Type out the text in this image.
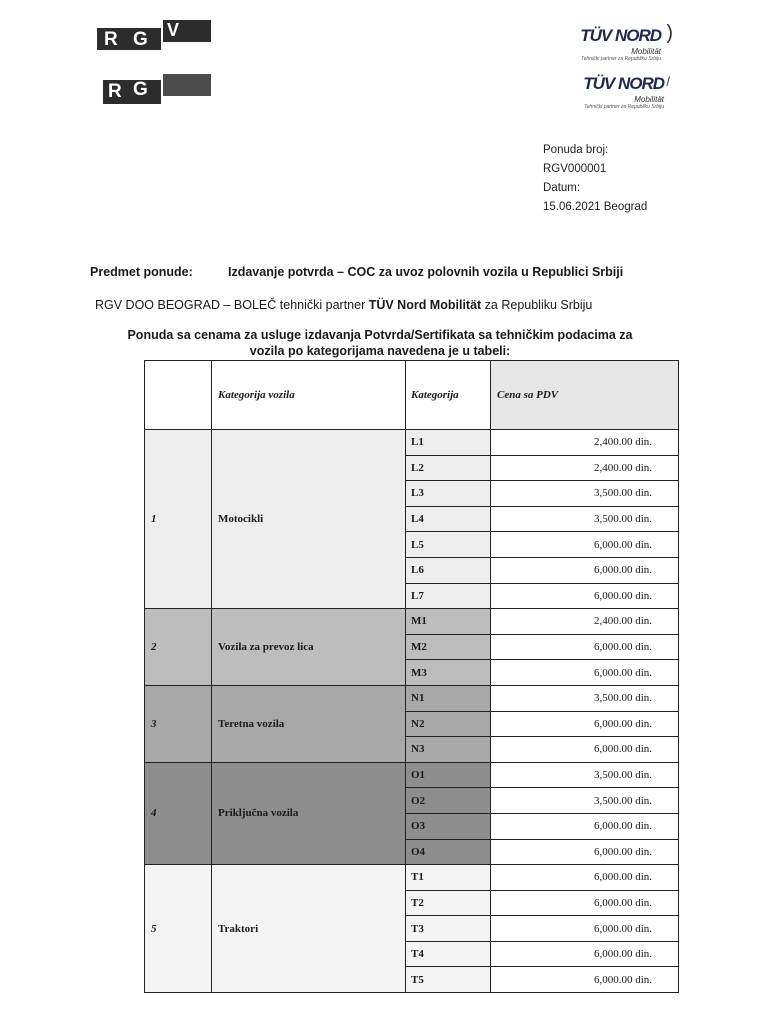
R G V
R G
)
TÜV NORD
Mobilität
Tehnički partner za Republiku Srbiju
/
TÜV NORD
Mobilität
Tehnički partner za Republiku Srbiju
Ponuda broj:
RGV000001
Datum:
15.06.2021 Beograd
Predmet ponude:	Izdavanje potvrda – COC za uvoz polovnih vozila u Republici Srbiji
RGV DOO BEOGRAD – BOLEČ tehnički partner TÜV Nord Mobilität za Republiku Srbiju
Ponuda sa cenama za usluge izdavanja Potvrda/Sertifikata sa tehničkim podacima za
vozila po kategorijama navedena je u tabeli:
	Kategorija vozila	Kategorija	Cena sa PDV
1	Motocikli	L1	2,400.00 din.
		L2	2,400.00 din.
		L3	3,500.00 din.
		L4	3,500.00 din.
		L5	6,000.00 din.
		L6	6,000.00 din.
		L7	6,000.00 din.
2	Vozila za prevoz lica	M1	2,400.00 din.
		M2	6,000.00 din.
		M3	6,000.00 din.
3	Teretna vozila	N1	3,500.00 din.
		N2	6,000.00 din.
		N3	6,000.00 din.
4	Priključna vozila	O1	3,500.00 din.
		O2	3,500.00 din.
		O3	6,000.00 din.
		O4	6,000.00 din.
5	Traktori	T1	6,000.00 din.
		T2	6,000.00 din.
		T3	6,000.00 din.
		T4	6,000.00 din.
		T5	6,000.00 din.
